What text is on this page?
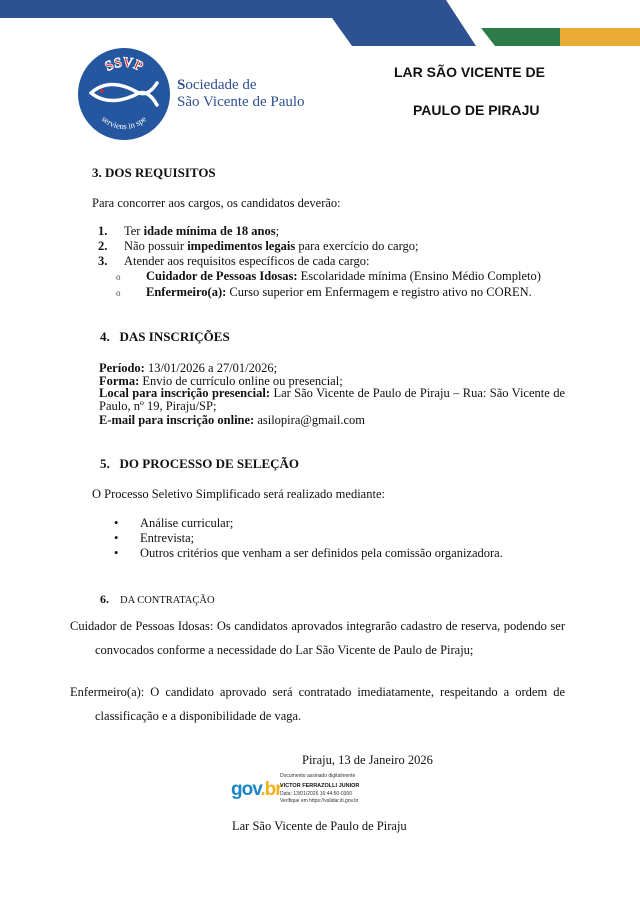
SSVP
serviens in spe
Sociedade de
São Vicente de Paulo
LAR SÃO VICENTE DE
PAULO DE PIRAJU
3. DOS REQUISITOS
Para concorrer aos cargos, os candidatos deverão:
1. Ter idade mínima de 18 anos;
2. Não possuir impedimentos legais para exercício do cargo;
3. Atender aos requisitos específicos de cada cargo:
o Cuidador de Pessoas Idosas: Escolaridade mínima (Ensino Médio Completo)
o Enfermeiro(a): Curso superior em Enfermagem e registro ativo no COREN.
4.   DAS INSCRIÇÕES
Período: 13/01/2026 a 27/01/2026;
Forma: Envio de currículo online ou presencial;
Local para inscrição presencial: Lar São Vicente de Paulo de Piraju – Rua: São Vicente de Paulo, nº 19, Piraju/SP;
E-mail para inscrição online: asilopira@gmail.com
5.   DO PROCESSO DE SELEÇÃO
O Processo Seletivo Simplificado será realizado mediante:
• Análise curricular;
• Entrevista;
• Outros critérios que venham a ser definidos pela comissão organizadora.
6. DA CONTRATAÇÃO
Cuidador de Pessoas Idosas: Os candidatos aprovados integrarão cadastro de reserva, podendo ser convocados conforme a necessidade do Lar São Vicente de Paulo de Piraju;
Enfermeiro(a): O candidato aprovado será contratado imediatamente, respeitando a ordem de classificação e a disponibilidade de vaga.
Piraju, 13 de Janeiro 2026
gov.br
Documento assinado digitalmente
VICTOR FERRAZOLLI JUNIOR
Data: 13/01/2026 16:44:50-0300
Verifique em https://validar.iti.gov.br
Lar São Vicente de Paulo de Piraju
